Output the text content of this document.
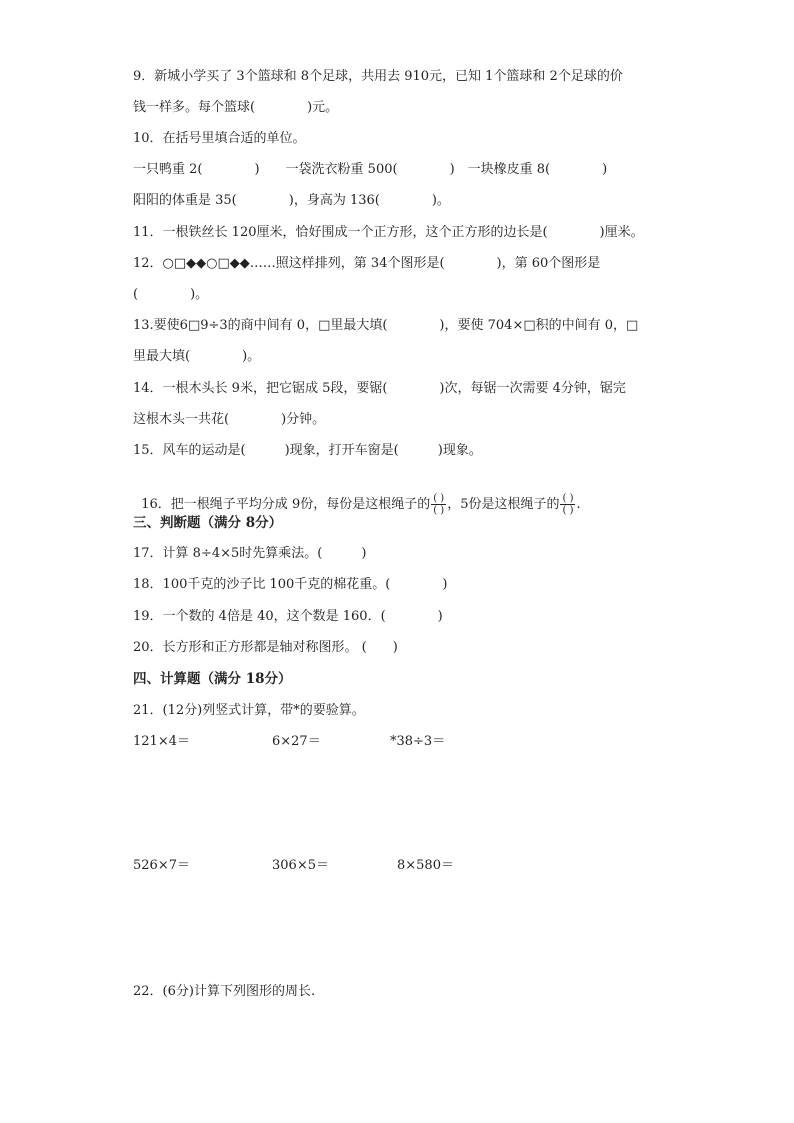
9．新城小学买了 3个篮球和 8个足球，共用去 910元，已知 1个篮球和 2个足球的价
钱一样多。每个篮球(　　　　)元。
10．在括号里填合适的单位。
一只鸭重 2(　　　　)　　一袋洗衣粉重 500(　　　　)　一块橡皮重 8(　　　　)
阳阳的体重是 35(　　　　)，身高为 136(　　　　)。
11．一根铁丝长 120厘米，恰好围成一个正方形，这个正方形的边长是(　　　　)厘米。
12．○□◆◆○□◆◆……照这样排列，第 34个图形是(　　　　)，第 60个图形是
(　　　　)。
13.要使6□9÷3的商中间有 0，□里最大填(　　　　)，要使 704×□积的中间有 0，□
里最大填(　　　　)。
14．一根木头长 9米，把它锯成 5段，要锯(　　　　)次，每锯一次需要 4分钟，锯完
这根木头一共花(　　　　)分钟。
15．风车的运动是(　　　)现象，打开车窗是(　　　)现象。

16．把一根绳子平均分成 9份，每份是这根绳子的 $\frac{( )}{( )}$ ，5份是这根绳子的 $\frac{( )}{( )}$ .

三、判断题（满分 8分）
17．计算 8÷4×5时先算乘法。(　　　)
18．100千克的沙子比 100千克的棉花重。(　　　　)
19．一个数的 4倍是 40，这个数是 160．(　　　　)
20．长方形和正方形都是轴对称图形。 (　　)
四、计算题（满分 18分）
21．(12分)列竖式计算，带*的要验算。
121×4＝	6×27＝	*38÷3＝
526×7＝	306×5＝	8×580＝
22．(6分)计算下列图形的周长.
